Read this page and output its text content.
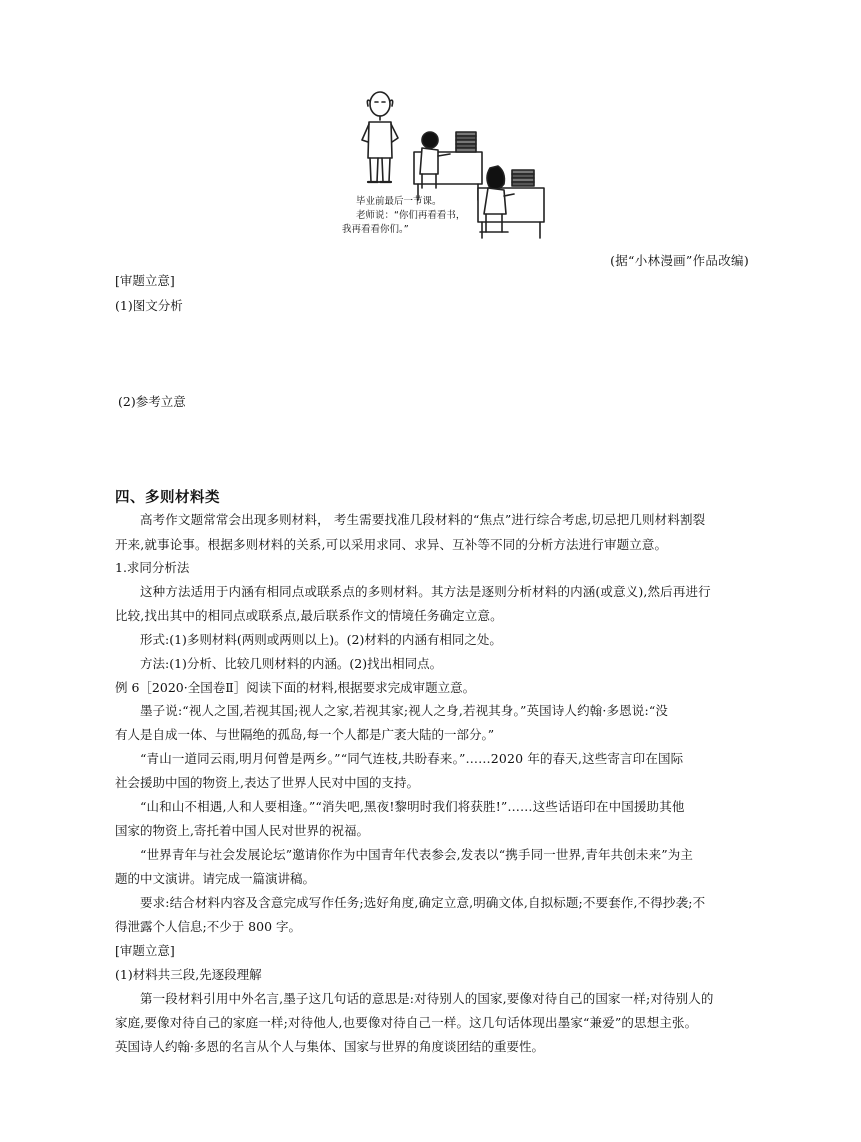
毕业前最后一节课。
老师说：“你们再看看书，
我再看看你们。”
(据“小林漫画”作品改编)
[审题立意]
(1)图文分析
(2)参考立意
四、多则材料类
高考作文题常常会出现多则材料， 考生需要找准几段材料的“焦点”进行综合考虑,切忌把几则材料割裂
开来,就事论事。根据多则材料的关系,可以采用求同、求异、互补等不同的分析方法进行审题立意。
1.求同分析法
这种方法适用于内涵有相同点或联系点的多则材料。其方法是逐则分析材料的内涵(或意义),然后再进行
比较,找出其中的相同点或联系点,最后联系作文的情境任务确定立意。
形式:(1)多则材料(两则或两则以上)。(2)材料的内涵有相同之处。
方法:(1)分析、比较几则材料的内涵。(2)找出相同点。
例 6［2020·全国卷Ⅱ］阅读下面的材料,根据要求完成审题立意。
墨子说:“视人之国,若视其国;视人之家,若视其家;视人之身,若视其身。”英国诗人约翰·多恩说:“没
有人是自成一体、与世隔绝的孤岛,每一个人都是广袤大陆的一部分。”
“青山一道同云雨,明月何曾是两乡。”“同气连枝,共盼春来。”……2020 年的春天,这些寄言印在国际
社会援助中国的物资上,表达了世界人民对中国的支持。
“山和山不相遇,人和人要相逢。”“消失吧,黑夜!黎明时我们将获胜!”……这些话语印在中国援助其他
国家的物资上,寄托着中国人民对世界的祝福。
“世界青年与社会发展论坛”邀请你作为中国青年代表参会,发表以“携手同一世界,青年共创未来”为主
题的中文演讲。请完成一篇演讲稿。
要求:结合材料内容及含意完成写作任务;选好角度,确定立意,明确文体,自拟标题;不要套作,不得抄袭;不
得泄露个人信息;不少于 800 字。
[审题立意]
(1)材料共三段,先逐段理解
第一段材料引用中外名言,墨子这几句话的意思是:对待别人的国家,要像对待自己的国家一样;对待别人的
家庭,要像对待自己的家庭一样;对待他人,也要像对待自己一样。这几句话体现出墨家“兼爱”的思想主张。
英国诗人约翰·多恩的名言从个人与集体、国家与世界的角度谈团结的重要性。
